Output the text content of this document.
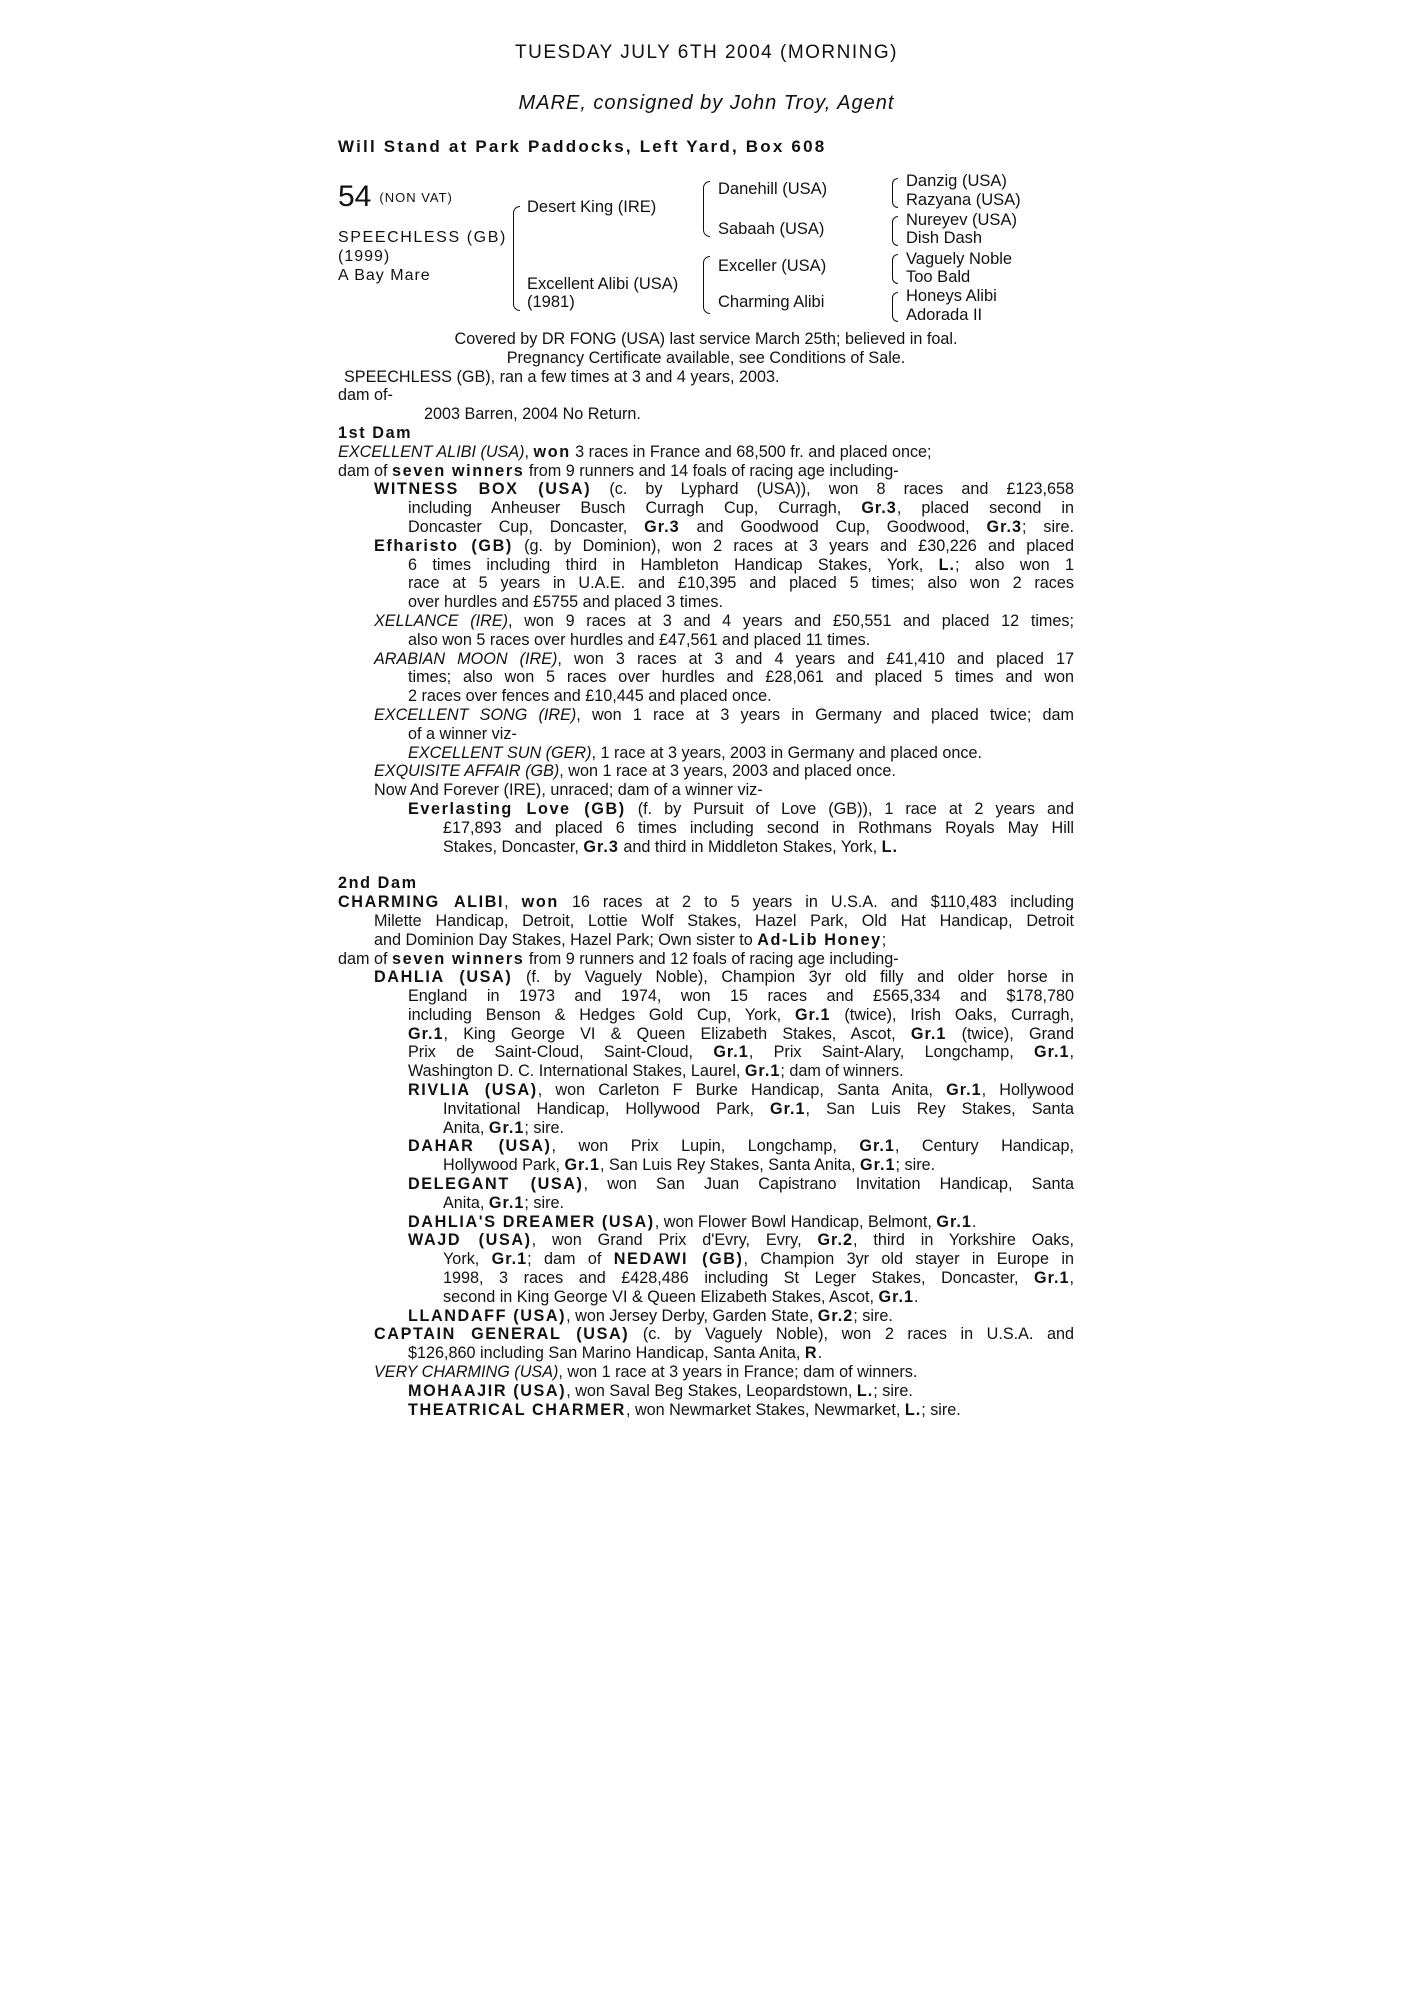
TUESDAY JULY 6TH 2004 (MORNING)
MARE, consigned by John Troy, Agent
Will Stand at Park Paddocks, Left Yard, Box 608
54 (NON VAT)
SPEECHLESS (GB)
(1999)
A Bay Mare
Desert King (IRE)
Excellent Alibi (USA)
(1981)
Danehill (USA)
Sabaah (USA)
Exceller (USA)
Charming Alibi
Danzig (USA)
Razyana (USA)
Nureyev (USA)
Dish Dash
Vaguely Noble
Too Bald
Honeys Alibi
Adorada II
Covered by DR FONG (USA) last service March 25th; believed in foal.
Pregnancy Certificate available, see Conditions of Sale.
SPEECHLESS (GB), ran a few times at 3 and 4 years, 2003.
dam of-
2003 Barren, 2004 No Return.
1st Dam
EXCELLENT ALIBI (USA), won 3 races in France and 68,500 fr. and placed once;
dam of seven winners from 9 runners and 14 foals of racing age including-
WITNESS BOX (USA) (c. by Lyphard (USA)), won 8 races and £123,658
including Anheuser Busch Curragh Cup, Curragh, Gr.3, placed second in
Doncaster Cup, Doncaster, Gr.3 and Goodwood Cup, Goodwood, Gr.3; sire.
Efharisto (GB) (g. by Dominion), won 2 races at 3 years and £30,226 and placed
6 times including third in Hambleton Handicap Stakes, York, L.; also won 1
race at 5 years in U.A.E. and £10,395 and placed 5 times; also won 2 races
over hurdles and £5755 and placed 3 times.
XELLANCE (IRE), won 9 races at 3 and 4 years and £50,551 and placed 12 times;
also won 5 races over hurdles and £47,561 and placed 11 times.
ARABIAN MOON (IRE), won 3 races at 3 and 4 years and £41,410 and placed 17
times; also won 5 races over hurdles and £28,061 and placed 5 times and won
2 races over fences and £10,445 and placed once.
EXCELLENT SONG (IRE), won 1 race at 3 years in Germany and placed twice; dam
of a winner viz-
EXCELLENT SUN (GER), 1 race at 3 years, 2003 in Germany and placed once.
EXQUISITE AFFAIR (GB), won 1 race at 3 years, 2003 and placed once.
Now And Forever (IRE), unraced; dam of a winner viz-
Everlasting Love (GB) (f. by Pursuit of Love (GB)), 1 race at 2 years and
£17,893 and placed 6 times including second in Rothmans Royals May Hill
Stakes, Doncaster, Gr.3 and third in Middleton Stakes, York, L.
2nd Dam
CHARMING ALIBI, won 16 races at 2 to 5 years in U.S.A. and $110,483 including
Milette Handicap, Detroit, Lottie Wolf Stakes, Hazel Park, Old Hat Handicap, Detroit
and Dominion Day Stakes, Hazel Park; Own sister to Ad-Lib Honey;
dam of seven winners from 9 runners and 12 foals of racing age including-
DAHLIA (USA) (f. by Vaguely Noble), Champion 3yr old filly and older horse in
England in 1973 and 1974, won 15 races and £565,334 and $178,780
including Benson & Hedges Gold Cup, York, Gr.1 (twice), Irish Oaks, Curragh,
Gr.1, King George VI & Queen Elizabeth Stakes, Ascot, Gr.1 (twice), Grand
Prix de Saint-Cloud, Saint-Cloud, Gr.1, Prix Saint-Alary, Longchamp, Gr.1,
Washington D. C. International Stakes, Laurel, Gr.1; dam of winners.
RIVLIA (USA), won Carleton F Burke Handicap, Santa Anita, Gr.1, Hollywood
Invitational Handicap, Hollywood Park, Gr.1, San Luis Rey Stakes, Santa
Anita, Gr.1; sire.
DAHAR (USA), won Prix Lupin, Longchamp, Gr.1, Century Handicap,
Hollywood Park, Gr.1, San Luis Rey Stakes, Santa Anita, Gr.1; sire.
DELEGANT (USA), won San Juan Capistrano Invitation Handicap, Santa
Anita, Gr.1; sire.
DAHLIA'S DREAMER (USA), won Flower Bowl Handicap, Belmont, Gr.1.
WAJD (USA), won Grand Prix d'Evry, Evry, Gr.2, third in Yorkshire Oaks,
York, Gr.1; dam of NEDAWI (GB), Champion 3yr old stayer in Europe in
1998, 3 races and £428,486 including St Leger Stakes, Doncaster, Gr.1,
second in King George VI & Queen Elizabeth Stakes, Ascot, Gr.1.
LLANDAFF (USA), won Jersey Derby, Garden State, Gr.2; sire.
CAPTAIN GENERAL (USA) (c. by Vaguely Noble), won 2 races in U.S.A. and
$126,860 including San Marino Handicap, Santa Anita, R.
VERY CHARMING (USA), won 1 race at 3 years in France; dam of winners.
MOHAAJIR (USA), won Saval Beg Stakes, Leopardstown, L.; sire.
THEATRICAL CHARMER, won Newmarket Stakes, Newmarket, L.; sire.
